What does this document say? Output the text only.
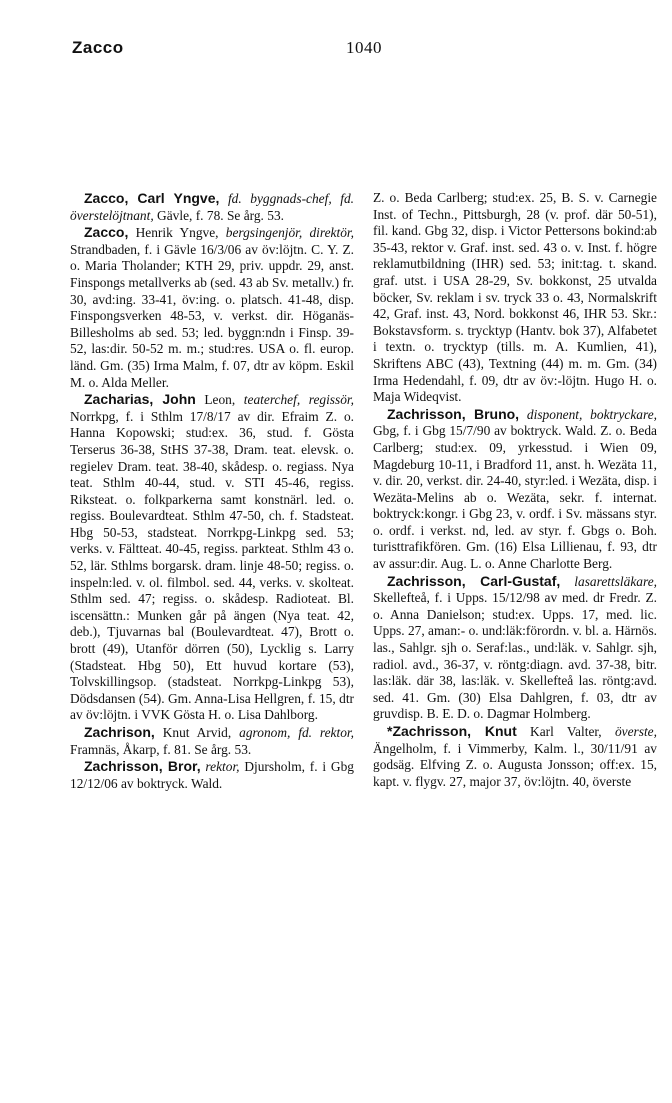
Zacco	1040

Zacco, Carl Yngve, fd. byggnads-chef, fd. överstelöjtnant, Gävle, f. 78. Se årg. 53.

Zacco, Henrik Yngve, bergsingenjör, direktör, Strandbaden, f. i Gävle 16/3/06 av öv:löjtn. C. Y. Z. o. Maria Tholander; KTH 29, priv. uppdr. 29, anst. Finspongs metallverks ab (sed. 43 ab Sv. metallv.) fr. 30, avd:ing. 33-41, öv:ing. o. platsch. 41-48, disp. Finspongsverken 48-53, v. verkst. dir. Höganäs-Billesholms ab sed. 53; led. byggn:ndn i Finsp. 39-52, las:dir. 50-52 m. m.; stud:res. USA o. fl. europ. länd. Gm. (35) Irma Malm, f. 07, dtr av köpm. Eskil M. o. Alda Meller.

Zacharias, John Leon, teaterchef, regissör, Norrkpg, f. i Sthlm 17/8/17 av dir. Efraim Z. o. Hanna Kopowski; stud:ex. 36, stud. f. Gösta Terserus 36-38, StHS 37-38, Dram. teat. elevsk. o. regielev Dram. teat. 38-40, skådesp. o. regiass. Nya teat. Sthlm 40-44, stud. v. STI 45-46, regiss. Riksteat. o. folkparkerna samt konstnärl. led. o. regiss. Boulevardteat. Sthlm 47-50, ch. f. Stadsteat. Hbg 50-53, stadsteat. Norrkpg-Linkpg sed. 53; verks. v. Fältteat. 40-45, regiss. parkteat. Sthlm 43 o. 52, lär. Sthlms borgarsk. dram. linje 48-50; regiss. o. inspeln:led. v. ol. filmbol. sed. 44, verks. v. skolteat. Sthlm sed. 47; regiss. o. skådesp. Radioteat. Bl. iscensättn.: Munken går på ängen (Nya teat. 42, deb.), Tjuvarnas bal (Boulevardteat. 47), Brott o. brott (49), Utanför dörren (50), Lycklig s. Larry (Stadsteat. Hbg 50), Ett huvud kortare (53), Tolvskillingsop. (stadsteat. Norrkpg-Linkpg 53), Dödsdansen (54). Gm. Anna-Lisa Hellgren, f. 15, dtr av öv:löjtn. i VVK Gösta H. o. Lisa Dahlborg.

Zachrison, Knut Arvid, agronom, fd. rektor, Framnäs, Åkarp, f. 81. Se årg. 53.

Zachrisson, Bror, rektor, Djursholm, f. i Gbg 12/12/06 av boktryck. Wald.

Z. o. Beda Carlberg; stud:ex. 25, B. S. v. Carnegie Inst. of Techn., Pittsburgh, 28 (v. prof. där 50-51), fil. kand. Gbg 32, disp. i Victor Pettersons bokind:ab 35-43, rektor v. Graf. inst. sed. 43 o. v. Inst. f. högre reklamutbildning (IHR) sed. 53; init:tag. t. skand. graf. utst. i USA 28-29, Sv. bokkonst, 25 utvalda böcker, Sv. reklam i sv. tryck 33 o. 43, Normalskrift 42, Graf. inst. 43, Nord. bokkonst 46, IHR 53. Skr.: Bokstavsform. s. trycktyp (Hantv. bok 37), Alfabetet i textn. o. trycktyp (tills. m. A. Kumlien, 41), Skriftens ABC (43), Textning (44) m. m. Gm. (34) Irma Hedendahl, f. 09, dtr av öv:-löjtn. Hugo H. o. Maja Wideqvist.

Zachrisson, Bruno, disponent, boktryckare, Gbg, f. i Gbg 15/7/90 av boktryck. Wald. Z. o. Beda Carlberg; stud:ex. 09, yrkesstud. i Wien 09, Magdeburg 10-11, i Bradford 11, anst. h. Wezäta 11, v. dir. 20, verkst. dir. 24-40, styr:led. i Wezäta, disp. i Wezäta-Melins ab o. Wezäta, sekr. f. internat. boktryck:kongr. i Gbg 23, v. ordf. i Sv. mässans styr. o. ordf. i verkst. nd, led. av styr. f. Gbgs o. Boh. turisttrafikfören. Gm. (16) Elsa Lillienau, f. 93, dtr av assur:dir. Aug. L. o. Anne Charlotte Berg.

Zachrisson, Carl-Gustaf, lasarettsläkare, Skellefteå, f. i Upps. 15/12/98 av med. dr Fredr. Z. o. Anna Danielson; stud:ex. Upps. 17, med. lic. Upps. 27, aman:- o. und:läk:förordn. v. bl. a. Härnös. las., Sahlgr. sjh o. Seraf:las., und:läk. v. Sahlgr. sjh, radiol. avd., 36-37, v. röntg:diagn. avd. 37-38, bitr. las:läk. där 38, las:läk. v. Skellefteå las. röntg:avd. sed. 41. Gm. (30) Elsa Dahlgren, f. 03, dtr av gruvdisp. B. E. D. o. Dagmar Holmberg.

*Zachrisson, Knut Karl Valter, överste, Ängelholm, f. i Vimmerby, Kalm. l., 30/11/91 av godsäg. Elfving Z. o. Augusta Jonsson; off:ex. 15, kapt. v. flygv. 27, major 37, öv:löjtn. 40, överste
